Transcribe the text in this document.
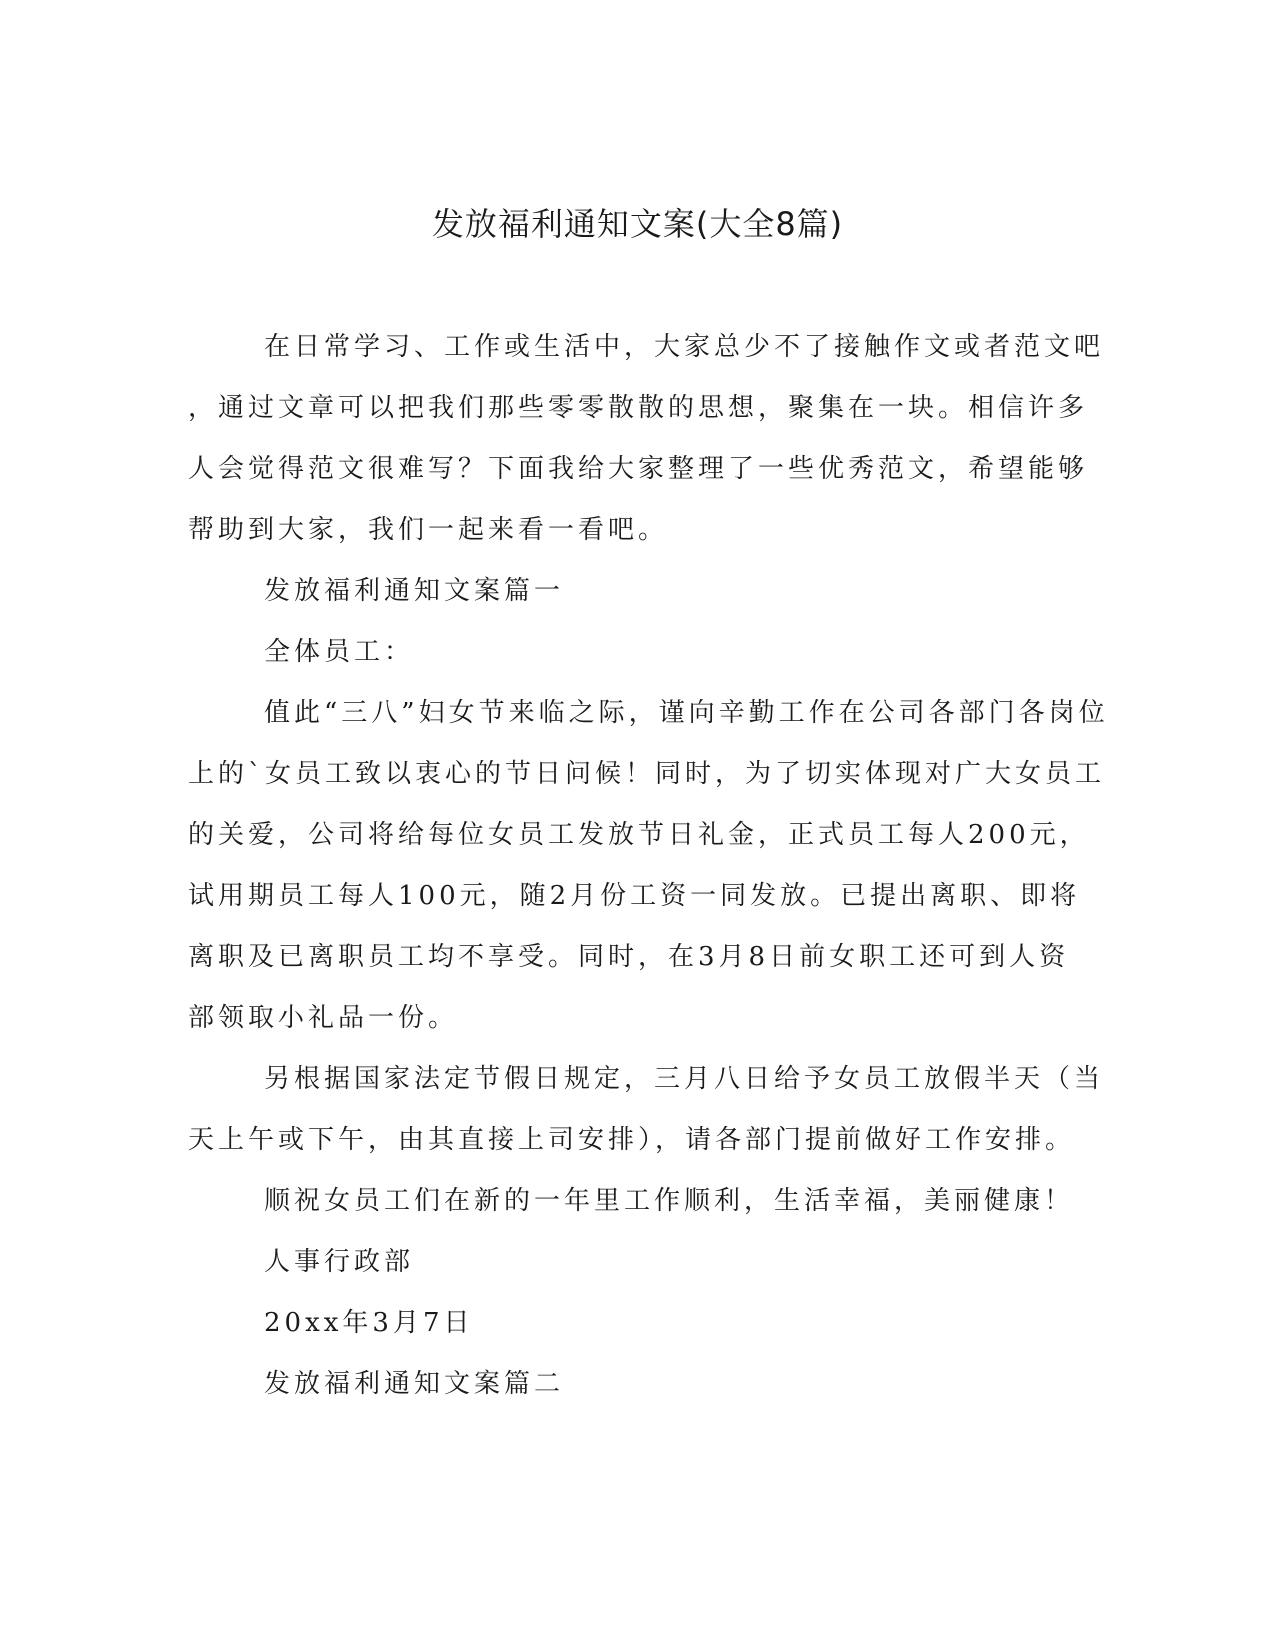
发放福利通知文案(大全8篇)
在日常学习、工作或生活中，大家总少不了接触作文或者范文吧
，通过文章可以把我们那些零零散散的思想，聚集在一块。相信许多
人会觉得范文很难写？下面我给大家整理了一些优秀范文，希望能够
帮助到大家，我们一起来看一看吧。
发放福利通知文案篇一
全体员工：
值此“三八”妇女节来临之际，谨向辛勤工作在公司各部门各岗位
上的`女员工致以衷心的节日问候！同时，为了切实体现对广大女员工
的关爱，公司将给每位女员工发放节日礼金，正式员工每人200元，
试用期员工每人100元，随2月份工资一同发放。已提出离职、即将
离职及已离职员工均不享受。同时，在3月8日前女职工还可到人资
部领取小礼品一份。
另根据国家法定节假日规定，三月八日给予女员工放假半天（当
天上午或下午，由其直接上司安排），请各部门提前做好工作安排。
顺祝女员工们在新的一年里工作顺利，生活幸福，美丽健康！
人事行政部
20xx年3月7日
发放福利通知文案篇二
